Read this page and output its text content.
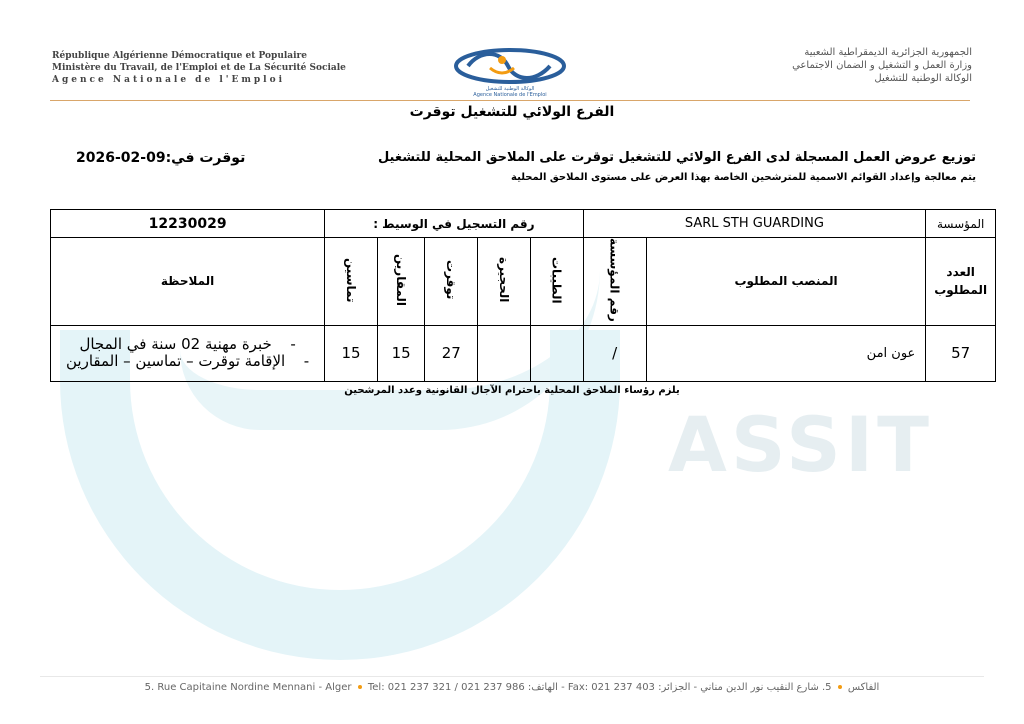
ASSIT
République Algérienne Démocratique et Populaire
Ministère du Travail, de l'Emploi et de La Sécurité Sociale
Agence Nationale de l'Emploi
الوكالة الوطنية للتشغيل
Agence Nationale de l'Emploi
الجمهورية الجزائرية الديمقراطية الشعبية
وزارة العمل و التشغيل و الضمان الاجتماعي
الوكالة الوطنية للتشغيل
الفرع الولائي للتشغيل توقرت
توزيع عروض العمل المسجلة لدى الفرع الولائي للتشغيل توقرت على الملاحق المحلية للتشغيل
توقرت في:09-02-2026
يتم معالجة وإعداد القوائم الاسمية للمترشحين الخاصة بهذا العرض على مستوى الملاحق المحلية
12230029	رقم التسجيل في الوسيط :					SARL STH GUARDING		المؤسسة
الملاحظة	تماسين	المقارين	توقرت	الحجيرة	الطيبات	رقم المؤسسة	المنصب المطلوب	العدد المطلوب

- خبرة مهنية 02 سنة في المجال
- الإقامة توقرت – تماسين – المقارين	15	15	27			/	عون امن	57
يلزم رؤساء الملاحق المحلية باحترام الآجال القانونية وعدد المرشحين
5. Rue Capitaine Nordine Mennani - Alger Tel: 021 237 321 / 021 237 986 :الهاتف - Fax: 021 237 403 :الفاكس  5. شارع النقيب نور الدين مناني - الجزائر
